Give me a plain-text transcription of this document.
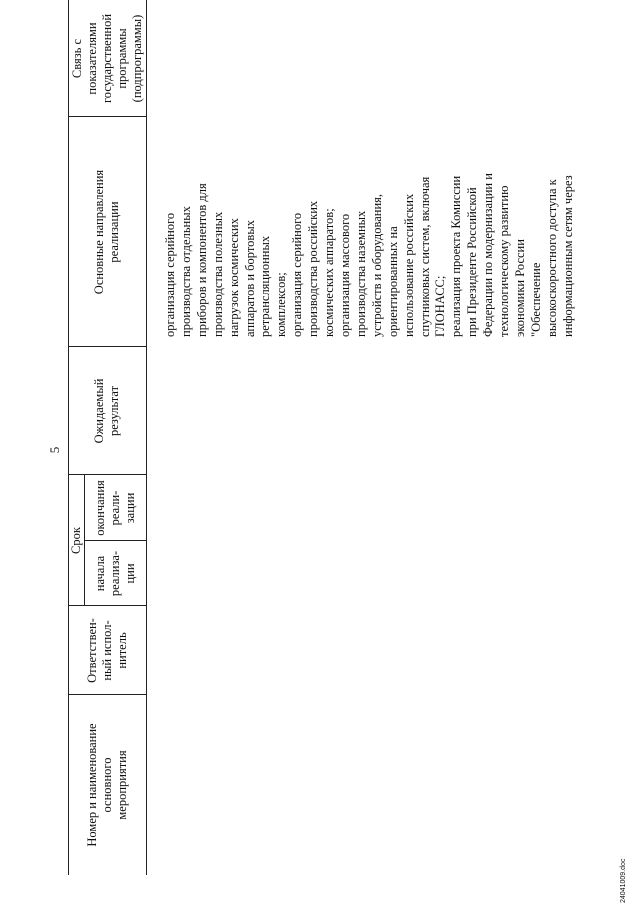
5
Номер и наименование
основного
мероприятия
Ответствен-
ный испол-
нитель
Срок
начала
реализа-
ции
окончания
реали-
зации
Ожидаемый
результат
Основные направления
реализации
Связь с
показателями
государственной
программы
(подпрограммы)
организация серийного
производства отдельных
приборов и компонентов для
производства полезных
нагрузок космических
аппаратов и бортовых
ретрансляционных
комплексов;
организация серийного
производства российских
космических аппаратов;
организация массового
производства наземных
устройств и оборудования,
ориентированных на
использование российских
спутниковых систем, включая
ГЛОНАСС;
реализация проекта Комиссии
при Президенте Российской
Федерации по модернизации и
технологическому развитию
экономики России
"Обеспечение
высокоскоростного доступа к
информационным сетям через
24041009.doc
